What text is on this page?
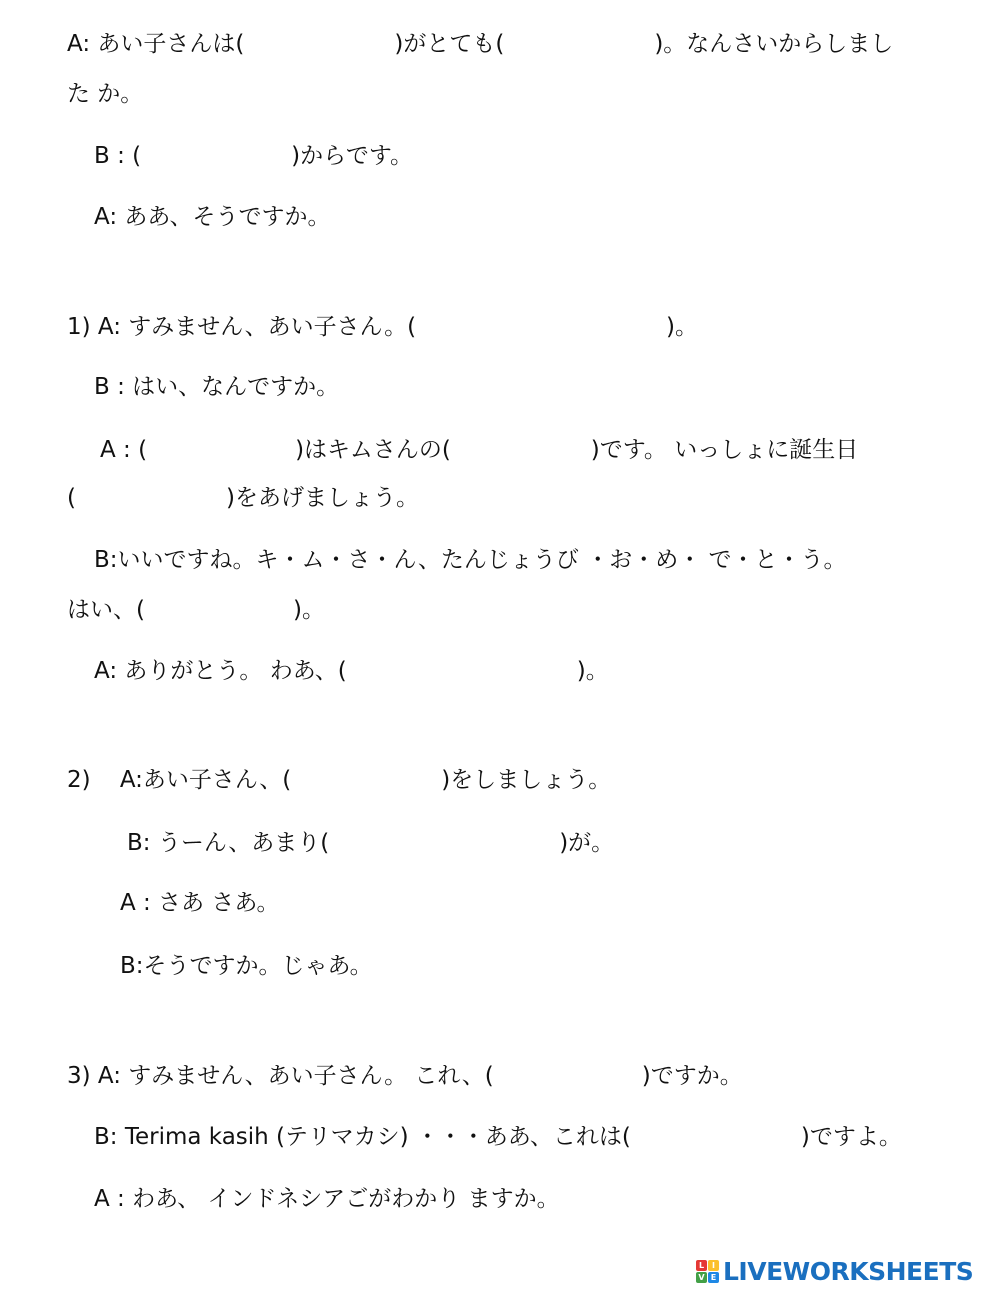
A: あい子さんは(	)がとても(	)。なんさいからしまし
た か。
B : (	)からです。
A: ああ、そうですか。
1) A: すみません、あい子さん。(	)。
B : はい、なんですか。
A : (	)はキムさんの(	)です。 いっしょに誕生日
(	)をあげましょう。
B:いいですね。キ・ム・さ・ん、たんじょうび ・お・め・ で・と・う。
はい、(	)。
A: ありがとう。 わあ、(	)。
2)    A:あい子さん、(	)をしましょう。
B: うーん、あまり(	)が。
A : さあ さあ。
B:そうですか。じゃあ。
3) A: すみません、あい子さん。 これ、(	)ですか。
B: Terima kasih (テリマカシ) ・・・ああ、これは(	)ですよ。
A : わあ、 インドネシアごがわかり ますか。
L I
V E LIVEWORKSHEETS
